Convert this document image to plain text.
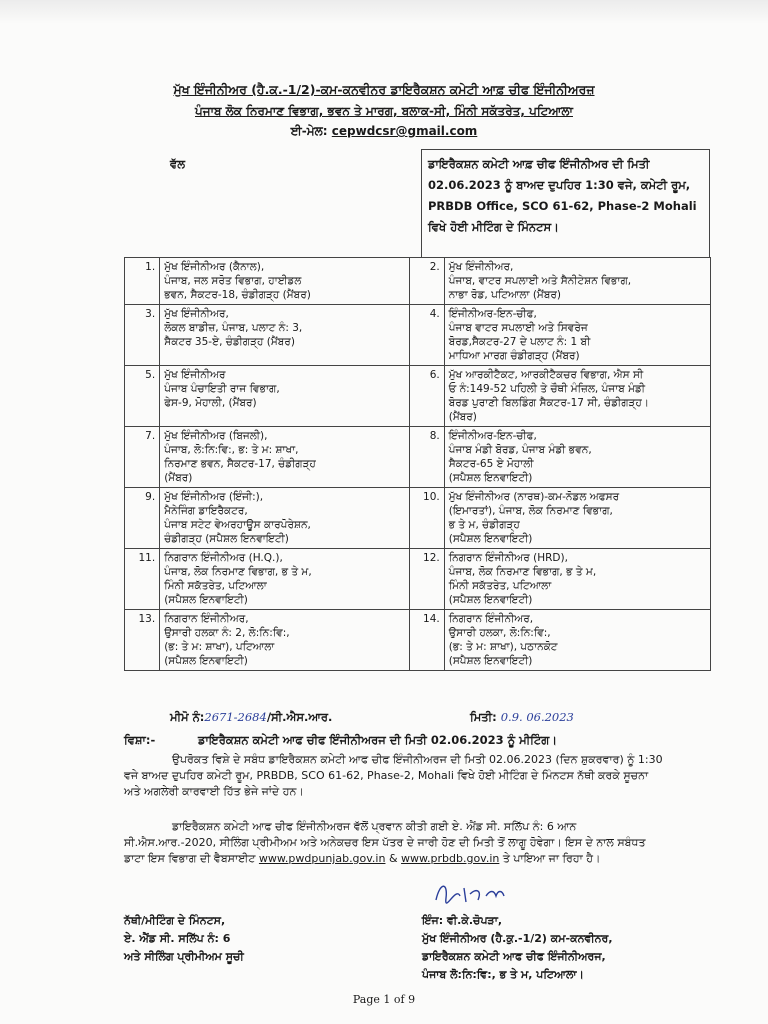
ਮੁੱਖ ਇੰਜੀਨੀਅਰ (ਹੈ.ਕ.-1/2)-ਕਮ-ਕਨਵੀਨਰ ਡਾਇਰੈਕਸ਼ਨ ਕਮੇਟੀ ਆਫ਼ ਚੀਫ ਇੰਜੀਨੀਅਰਜ਼
ਪੰਜਾਬ ਲੋਕ ਨਿਰਮਾਣ ਵਿਭਾਗ, ਭਵਨ ਤੇ ਮਾਰਗ, ਬਲਾਕ-ਸੀ, ਮਿੰਨੀ ਸਕੱਤਰੇਤ, ਪਟਿਆਲਾ
ਈ-ਮੇਲ: cepwdcsr@gmail.com
ਵੱਲ	ਡਾਇਰੈਕਸ਼ਨ ਕਮੇਟੀ ਆਫ਼ ਚੀਫ ਇੰਜੀਨੀਅਰ ਦੀ ਮਿਤੀ 02.06.2023 ਨੂੰ ਬਾਅਦ ਦੁਪਹਿਰ 1:30 ਵਜੇ, ਕਮੇਟੀ ਰੂਮ, PRBDB Office, SCO 61-62, Phase-2 Mohali ਵਿਖੇ ਹੋਈ ਮੀਟਿੰਗ ਦੇ ਮਿੰਨਟਸ।
1.	ਮੁੱਖ ਇੰਜੀਨੀਅਰ (ਕੈਨਾਲ),
ਪੰਜਾਬ, ਜਲ ਸਰੋਤ ਵਿਭਾਗ, ਹਾਈਡਲ
ਭਵਨ, ਸੈਕਟਰ-18, ਚੰਡੀਗੜ੍ਹ (ਮੈਂਬਰ)	2.	ਮੁੱਖ ਇੰਜੀਨੀਅਰ,
ਪੰਜਾਬ, ਵਾਟਰ ਸਪਲਾਈ ਅਤੇ ਸੈਨੀਟੇਸ਼ਨ ਵਿਭਾਗ,
ਨਾਭਾ ਰੋਡ, ਪਟਿਆਲਾ (ਮੈਂਬਰ)

3.	ਮੁੱਖ ਇੰਜੀਨੀਅਰ,
ਲੋਕਲ ਬਾਡੀਜ਼, ਪੰਜਾਬ, ਪਲਾਟ ਨੰ: 3,
ਸੈਕਟਰ 35-ਏ, ਚੰਡੀਗੜ੍ਹ (ਮੈਂਬਰ)	4.	ਇੰਜੀਨੀਅਰ-ਇਨ-ਚੀਫ,
ਪੰਜਾਬ ਵਾਟਰ ਸਪਲਾਈ ਅਤੇ ਸਿਵਰੇਜ
ਬੋਰਡ,ਸੈਕਟਰ-27 ਦੇ ਪਲਾਟ ਨੰ: 1 ਬੀ
ਮਾਧਿਆ ਮਾਰਗ ਚੰਡੀਗੜ੍ਹ (ਮੈਂਬਰ)

5.	ਮੁੱਖ ਇੰਜੀਨੀਅਰ
ਪੰਜਾਬ ਪੰਚਾਇਤੀ ਰਾਜ ਵਿਭਾਗ,
ਫੇਸ-9, ਮੋਹਾਲੀ, (ਮੈਂਬਰ)	6.	ਮੁੱਖ ਆਰਕੀਟੈਕਟ, ਆਰਕੀਟੈਕਚਰ ਵਿਭਾਗ, ਐਸ ਸੀ
ਓ ਨੰ:149-52 ਪਹਿਲੀ ਤੇ ਚੌਥੀ ਮੰਜ਼ਿਲ, ਪੰਜਾਬ ਮੰਡੀ
ਬੋਰਡ ਪੁਰਾਣੀ ਬਿਲਡਿੰਗ ਸੈਕਟਰ-17 ਸੀ, ਚੰਡੀਗੜ੍ਹ।
(ਮੈਂਬਰ)

7.	ਮੁੱਖ ਇੰਜੀਨੀਅਰ (ਬਿਜਲੀ),
ਪੰਜਾਬ, ਲੋ:ਨਿ:ਵਿ:, ਭ: ਤੇ ਮ: ਸ਼ਾਖਾ,
ਨਿਰਮਾਣ ਭਵਨ, ਸੈਕਟਰ-17, ਚੰਡੀਗੜ੍ਹ
(ਮੈਂਬਰ)	8.	ਇੰਜੀਨੀਅਰ-ਇਨ-ਚੀਫ,
ਪੰਜਾਬ ਮੰਡੀ ਬੋਰਡ, ਪੰਜਾਬ ਮੰਡੀ ਭਵਨ,
ਸੈਕਟਰ-65 ਏ ਮੋਹਾਲੀ
(ਸਪੈਸ਼ਲ ਇਨਵਾਇਟੀ)

9.	ਮੁੱਖ ਇੰਜੀਨੀਅਰ (ਇੰਜੀ:),
ਮੈਨੇਜਿੰਗ ਡਾਇਰੈਕਟਰ,
ਪੰਜਾਬ ਸਟੇਟ ਵੇਅਰਹਾਊਸ ਕਾਰਪੋਰੇਸ਼ਨ,
ਚੰਡੀਗੜ੍ਹ (ਸਪੈਸ਼ਲ ਇਨਵਾਇਟੀ)	10.	ਮੁੱਖ ਇੰਜੀਨੀਅਰ (ਨਾਰਥ)-ਕਮ-ਨੋਡਲ ਅਫਸਰ
(ਇਮਾਰਤਾਂ), ਪੰਜਾਬ, ਲੋਕ ਨਿਰਮਾਣ ਵਿਭਾਗ,
ਭ ਤੇ ਮ, ਚੰਡੀਗੜ੍ਹ
(ਸਪੈਸ਼ਲ ਇਨਵਾਇਟੀ)

11.	ਨਿਗਰਾਨ ਇੰਜੀਨੀਅਰ (H.Q.),
ਪੰਜਾਬ, ਲੋਕ ਨਿਰਮਾਣ ਵਿਭਾਗ, ਭ ਤੇ ਮ,
ਮਿੰਨੀ ਸਕੱਤਰੇਤ, ਪਟਿਆਲਾ
(ਸਪੈਸ਼ਲ ਇਨਵਾਇਟੀ)	12.	ਨਿਗਰਾਨ ਇੰਜੀਨੀਅਰ (HRD),
ਪੰਜਾਬ, ਲੋਕ ਨਿਰਮਾਣ ਵਿਭਾਗ, ਭ ਤੇ ਮ,
ਮਿੰਨੀ ਸਕੱਤਰੇਤ, ਪਟਿਆਲਾ
(ਸਪੈਸ਼ਲ ਇਨਵਾਇਟੀ)

13.	ਨਿਗਰਾਨ ਇੰਜੀਨੀਅਰ,
ਉਸਾਰੀ ਹਲਕਾ ਨੰ: 2, ਲੋ:ਨਿ:ਵਿ:,
(ਭ: ਤੇ ਮ: ਸ਼ਾਖਾ), ਪਟਿਆਲਾ
(ਸਪੈਸ਼ਲ ਇਨਵਾਇਟੀ)	14.	ਨਿਗਰਾਨ ਇੰਜੀਨੀਅਰ,
ਉਸਾਰੀ ਹਲਕਾ, ਲੋ:ਨਿ:ਵਿ:,
(ਭ: ਤੇ ਮ: ਸ਼ਾਖਾ), ਪਠਾਨਕੋਟ
(ਸਪੈਸ਼ਲ ਇਨਵਾਇਟੀ)
ਮੀਮੋ ਨੰ:2671-2684/ਸੀ.ਐਸ.ਆਰ.	ਮਿਤੀ: 0.9. 06.2023
ਵਿਸ਼ਾ:-	ਡਾਇਰੈਕਸ਼ਨ ਕਮੇਟੀ ਆਫ ਚੀਫ ਇੰਜੀਨੀਅਰਜ ਦੀ ਮਿਤੀ 02.06.2023 ਨੂੰ ਮੀਟਿੰਗ।
ਉਪਰੋਕਤ ਵਿਸ਼ੇ ਦੇ ਸਬੰਧ ਡਾਇਰੈਕਸ਼ਨ ਕਮੇਟੀ ਆਫ ਚੀਫ ਇੰਜੀਨੀਅਰਜ ਦੀ ਮਿਤੀ 02.06.2023 (ਦਿਨ ਸ਼ੁਕਰਵਾਰ) ਨੂੰ 1:30 ਵਜੇ ਬਾਅਦ ਦੁਪਹਿਰ ਕਮੇਟੀ ਰੂਮ, PRBDB, SCO 61-62, Phase-2, Mohali ਵਿਖੇ ਹੋਈ ਮੀਟਿੰਗ ਦੇ ਮਿੰਨਟਸ ਨੱਥੀ ਕਰਕੇ ਸੂਚਨਾ ਅਤੇ ਅਗਲੇਰੀ ਕਾਰਵਾਈ ਹਿੱਤ ਭੇਜੇ ਜਾਂਦੇ ਹਨ।
ਡਾਇਰੈਕਸ਼ਨ ਕਮੇਟੀ ਆਫ ਚੀਫ ਇੰਜੀਨੀਅਰਜ ਵੱਲੋਂ ਪ੍ਰਵਾਨ ਕੀਤੀ ਗਈ ਏ. ਐਂਡ ਸੀ. ਸਲਿੱਪ ਨੰ: 6 ਆਨ ਸੀ.ਐਸ.ਆਰ.-2020, ਸੀਲਿੰਗ ਪ੍ਰੀਮੀਅਮ ਅਤੇ ਅਨੇਕਚਰ ਇਸ ਪੱਤਰ ਦੇ ਜਾਰੀ ਹੋਣ ਦੀ ਮਿਤੀ ਤੋਂ ਲਾਗੂ ਹੋਵੇਗਾ। ਇਸ ਦੇ ਨਾਲ ਸਬੰਧਤ ਡਾਟਾ ਇਸ ਵਿਭਾਗ ਦੀ ਵੈਬਸਾਈਟ www.pwdpunjab.gov.in & www.prbdb.gov.in ਤੇ ਪਾਇਆ ਜਾ ਰਿਹਾ ਹੈ।
ਨੱਥੀ/ਮੀਟਿੰਗ ਦੇ ਮਿੰਨਟਸ,
ਏ. ਐਂਡ ਸੀ. ਸਲਿੱਪ ਨੰ: 6
ਅਤੇ ਸੀਲਿੰਗ ਪ੍ਰੀਮੀਅਮ ਸੂਚੀ
ਇੰਜ: ਵੀ.ਕੇ.ਚੋਪੜਾ,
ਮੁੱਖ ਇੰਜੀਨੀਅਰ (ਹੈ.ਕੁ.-1/2) ਕਮ-ਕਨਵੀਨਰ,
ਡਾਇਰੈਕਸ਼ਨ ਕਮੇਟੀ ਆਫ ਚੀਫ ਇੰਜੀਨੀਅਰਜ,
ਪੰਜਾਬ ਲੋ:ਨਿ:ਵਿ:, ਭ ਤੇ ਮ, ਪਟਿਆਲਾ।
Page 1 of 9
